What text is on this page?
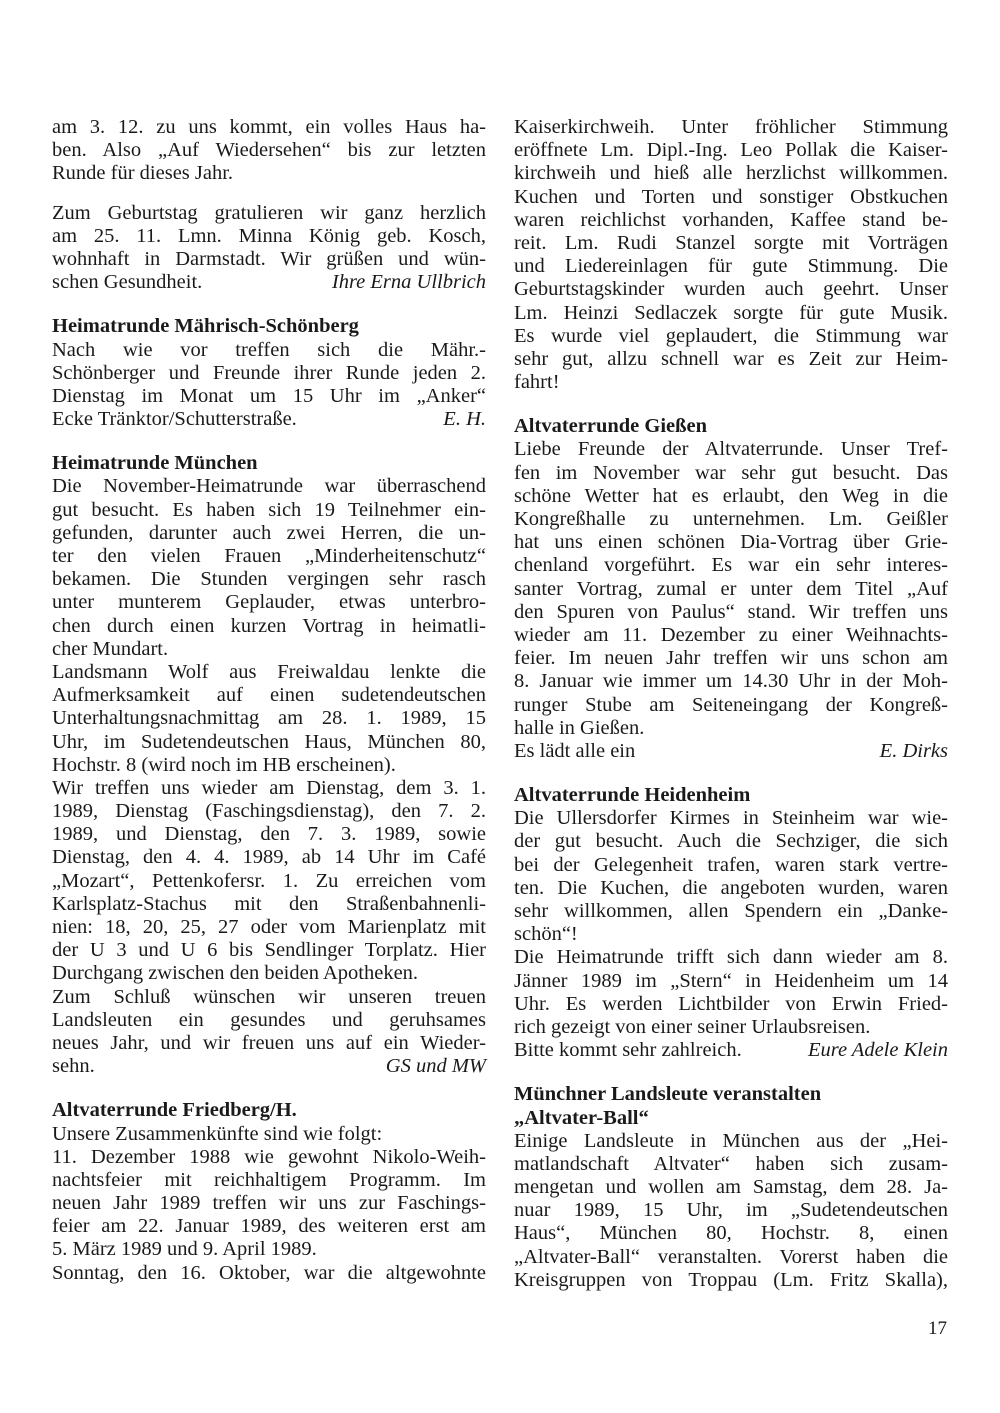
am 3. 12. zu uns kommt, ein volles Haus ha-
ben. Also „Auf Wiedersehen“ bis zur letzten
Runde für dieses Jahr.
Zum Geburtstag gratulieren wir ganz herzlich
am 25. 11. Lmn. Minna König geb. Kosch,
wohnhaft in Darmstadt. Wir grüßen und wün-
schen Gesundheit.	Ihre Erna Ullbrich
Heimatrunde Mährisch-Schönberg
Nach wie vor treffen sich die Mähr.-
Schönberger und Freunde ihrer Runde jeden 2.
Dienstag im Monat um 15 Uhr im „Anker“
Ecke Tränktor/Schutterstraße.	E. H.
Heimatrunde München
Die November-Heimatrunde war überraschend
gut besucht. Es haben sich 19 Teilnehmer ein-
gefunden, darunter auch zwei Herren, die un-
ter den vielen Frauen „Minderheitenschutz“
bekamen. Die Stunden vergingen sehr rasch
unter munterem Geplauder, etwas unterbro-
chen durch einen kurzen Vortrag in heimatli-
cher Mundart.
Landsmann Wolf aus Freiwaldau lenkte die
Aufmerksamkeit auf einen sudetendeutschen
Unterhaltungsnachmittag am 28. 1. 1989, 15
Uhr, im Sudetendeutschen Haus, München 80,
Hochstr. 8 (wird noch im HB erscheinen).
Wir treffen uns wieder am Dienstag, dem 3. 1.
1989, Dienstag (Faschingsdienstag), den 7. 2.
1989, und Dienstag, den 7. 3. 1989, sowie
Dienstag, den 4. 4. 1989, ab 14 Uhr im Café
„Mozart“, Pettenkofersr. 1. Zu erreichen vom
Karlsplatz-Stachus mit den Straßenbahnenli-
nien: 18, 20, 25, 27 oder vom Marienplatz mit
der U 3 und U 6 bis Sendlinger Torplatz. Hier
Durchgang zwischen den beiden Apotheken.
Zum Schluß wünschen wir unseren treuen
Landsleuten ein gesundes und geruhsames
neues Jahr, und wir freuen uns auf ein Wieder-
sehn.	GS und MW
Altvaterrunde Friedberg/H.
Unsere Zusammenkünfte sind wie folgt:
11. Dezember 1988 wie gewohnt Nikolo-Weih-
nachtsfeier mit reichhaltigem Programm. Im
neuen Jahr 1989 treffen wir uns zur Faschings-
feier am 22. Januar 1989, des weiteren erst am
5. März 1989 und 9. April 1989.
Sonntag, den 16. Oktober, war die altgewohnte
Kaiserkirchweih. Unter fröhlicher Stimmung
eröffnete Lm. Dipl.-Ing. Leo Pollak die Kaiser-
kirchweih und hieß alle herzlichst willkommen.
Kuchen und Torten und sonstiger Obstkuchen
waren reichlichst vorhanden, Kaffee stand be-
reit. Lm. Rudi Stanzel sorgte mit Vorträgen
und Liedereinlagen für gute Stimmung. Die
Geburtstagskinder wurden auch geehrt. Unser
Lm. Heinzi Sedlaczek sorgte für gute Musik.
Es wurde viel geplaudert, die Stimmung war
sehr gut, allzu schnell war es Zeit zur Heim-
fahrt!
Altvaterrunde Gießen
Liebe Freunde der Altvaterrunde. Unser Tref-
fen im November war sehr gut besucht. Das
schöne Wetter hat es erlaubt, den Weg in die
Kongreßhalle zu unternehmen. Lm. Geißler
hat uns einen schönen Dia-Vortrag über Grie-
chenland vorgeführt. Es war ein sehr interes-
santer Vortrag, zumal er unter dem Titel „Auf
den Spuren von Paulus“ stand. Wir treffen uns
wieder am 11. Dezember zu einer Weihnachts-
feier. Im neuen Jahr treffen wir uns schon am
8. Januar wie immer um 14.30 Uhr in der Moh-
runger Stube am Seiteneingang der Kongreß-
halle in Gießen.
Es lädt alle ein	E. Dirks
Altvaterrunde Heidenheim
Die Ullersdorfer Kirmes in Steinheim war wie-
der gut besucht. Auch die Sechziger, die sich
bei der Gelegenheit trafen, waren stark vertre-
ten. Die Kuchen, die angeboten wurden, waren
sehr willkommen, allen Spendern ein „Danke-
schön“!
Die Heimatrunde trifft sich dann wieder am 8.
Jänner 1989 im „Stern“ in Heidenheim um 14
Uhr. Es werden Lichtbilder von Erwin Fried-
rich gezeigt von einer seiner Urlaubsreisen.
Bitte kommt sehr zahlreich.	Eure Adele Klein
Münchner Landsleute veranstalten
„Altvater-Ball“
Einige Landsleute in München aus der „Hei-
matlandschaft Altvater“ haben sich zusam-
mengetan und wollen am Samstag, dem 28. Ja-
nuar 1989, 15 Uhr, im „Sudetendeutschen
Haus“, München 80, Hochstr. 8, einen
„Altvater-Ball“ veranstalten. Vorerst haben die
Kreisgruppen von Troppau (Lm. Fritz Skalla),
17
